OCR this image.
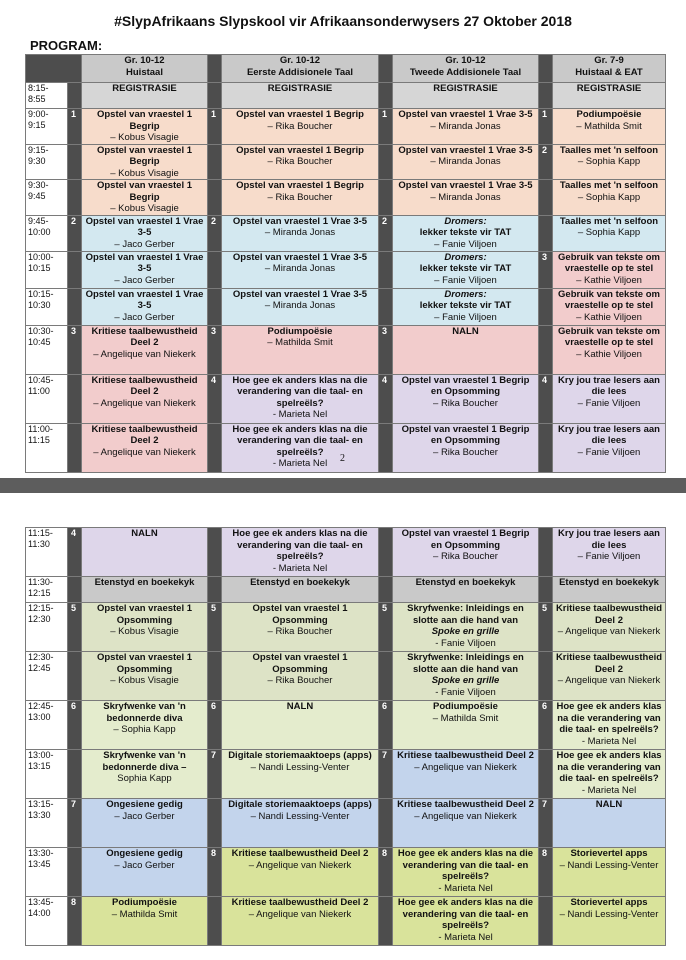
#SlypAfrikaans Slypskool vir Afrikaansonderwysers 27 Oktober 2018
PROGRAM:

		Gr. 10-12
Huistaal		Gr. 10-12
Eerste Addisionele Taal		Gr. 10-12
Tweede Addisionele Taal		Gr. 7-9
Huistaal & EAT

8:15-8:55		REGISTRASIE		REGISTRASIE		REGISTRASIE		REGISTRASIE
9:00-9:15	1	Opstel van vraestel 1 Begrip
– Kobus Visagie	1	Opstel van vraestel 1 Begrip
– Rika Boucher	1	Opstel van vraestel 1 Vrae 3-5
– Miranda Jonas	1	Podiumpoësie
– Mathilda Smit

9:15-9:30		Opstel van vraestel 1 Begrip
– Kobus Visagie		Opstel van vraestel 1 Begrip
– Rika Boucher		Opstel van vraestel 1 Vrae 3-5
– Miranda Jonas	2	Taalles met 'n selfoon
– Sophia Kapp

9:30-9:45		Opstel van vraestel 1 Begrip
– Kobus Visagie		Opstel van vraestel 1 Begrip
– Rika Boucher		Opstel van vraestel 1 Vrae 3-5
– Miranda Jonas		Taalles met 'n selfoon
– Sophia Kapp

9:45-10:00	2	Opstel van vraestel 1 Vrae 3-5
– Jaco Gerber	2	Opstel van vraestel 1 Vrae 3-5
– Miranda Jonas	2	Dromers:
lekker tekste vir TAT
– Fanie Viljoen		Taalles met 'n selfoon
– Sophia Kapp

10:00-10:15		Opstel van vraestel 1 Vrae 3-5
– Jaco Gerber		Opstel van vraestel 1 Vrae 3-5
– Miranda Jonas		Dromers:
lekker tekste vir TAT
– Fanie Viljoen	3	Gebruik van tekste om vraestelle op te stel
– Kathie Viljoen

10:15-10:30		Opstel van vraestel 1 Vrae 3-5
– Jaco Gerber		Opstel van vraestel 1 Vrae 3-5
– Miranda Jonas		Dromers:
lekker tekste vir TAT
– Fanie Viljoen		Gebruik van tekste om vraestelle op te stel
– Kathie Viljoen

10:30-10:45	3	Kritiese taalbewustheid Deel 2
– Angelique van Niekerk	3	Podiumpoësie
– Mathilda Smit	3	NALN		Gebruik van tekste om vraestelle op te stel
– Kathie Viljoen

10:45-11:00		Kritiese taalbewustheid Deel 2
– Angelique van Niekerk	4	Hoe gee ek anders klas na die verandering van die taal- en spelreëls?
- Marieta Nel	4	Opstel van vraestel 1 Begrip en Opsomming
– Rika Boucher	4	Kry jou trae lesers aan die lees
– Fanie Viljoen

11:00-11:15		Kritiese taalbewustheid Deel 2
– Angelique van Niekerk		Hoe gee ek anders klas na die verandering van die taal- en spelreëls?
- Marieta Nel		Opstel van vraestel 1 Begrip en Opsomming
– Rika Boucher		Kry jou trae lesers aan die lees
– Fanie Viljoen
2
11:15-11:30	4	NALN		Hoe gee ek anders klas na die verandering van die taal- en spelreëls?
- Marieta Nel		Opstel van vraestel 1 Begrip en Opsomming
– Rika Boucher		Kry jou trae lesers aan die lees
– Fanie Viljoen

11:30-12:15		Etenstyd en boekekyk		Etenstyd en boekekyk		Etenstyd en boekekyk		Etenstyd en boekekyk
12:15-12:30	5	Opstel van vraestel 1 Opsomming
– Kobus Visagie	5	Opstel van vraestel 1 Opsomming
– Rika Boucher	5	Skryfwenke: Inleidings en slotte aan die hand van
Spoke en grille
- Fanie Viljoen	5	Kritiese taalbewustheid Deel 2
– Angelique van Niekerk

12:30-12:45		Opstel van vraestel 1 Opsomming
– Kobus Visagie		Opstel van vraestel 1 Opsomming
– Rika Boucher		Skryfwenke: Inleidings en slotte aan die hand van
Spoke en grille
- Fanie Viljoen		Kritiese taalbewustheid Deel 2
– Angelique van Niekerk

12:45-13:00	6	Skryfwenke van 'n bedonnerde diva
– Sophia Kapp	6	NALN	6	Podiumpoësie
– Mathilda Smit	6	Hoe gee ek anders klas na die verandering van die taal- en spelreëls?
- Marieta Nel

13:00-13:15		Skryfwenke van 'n bedonnerde diva –
Sophia Kapp	7	Digitale storiemaaktoeps (apps)
– Nandi Lessing-Venter	7	Kritiese taalbewustheid Deel 2
– Angelique van Niekerk		Hoe gee ek anders klas na die verandering van die taal- en spelreëls?
- Marieta Nel

13:15-13:30	7	Ongesiene gedig
– Jaco Gerber		Digitale storiemaaktoeps (apps)
– Nandi Lessing-Venter		Kritiese taalbewustheid Deel 2
– Angelique van Niekerk	7	NALN
13:30-13:45		Ongesiene gedig
– Jaco Gerber	8	Kritiese taalbewustheid Deel 2
– Angelique van Niekerk	8	Hoe gee ek anders klas na die verandering van die taal- en spelreëls?
- Marieta Nel	8	Storievertel apps
– Nandi Lessing-Venter

13:45-14:00	8	Podiumpoësie
– Mathilda Smit		Kritiese taalbewustheid Deel 2
– Angelique van Niekerk		Hoe gee ek anders klas na die verandering van die taal- en spelreëls?
- Marieta Nel		Storievertel apps
– Nandi Lessing-Venter
